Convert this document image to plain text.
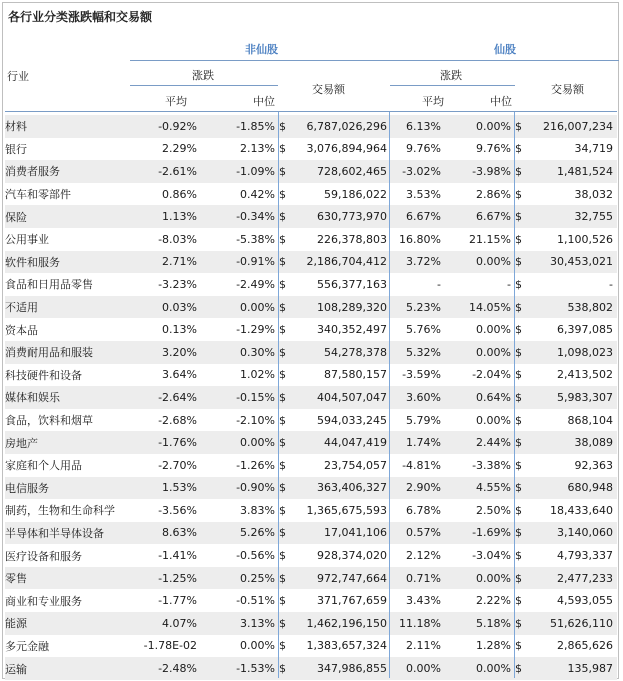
各行业分类涨跌幅和交易额
行业
非仙股	仙股
涨跌	涨跌
交易额	交易额
平均	中位	平均	中位
材料	-0.92%	-1.85%	$	6,787,026,296	6.13%	0.00%	$	216,007,234
银行	2.29%	2.13%	$	3,076,894,964	9.76%	9.76%	$	34,719
消费者服务	-2.61%	-1.09%	$	728,602,465	-3.02%	-3.98%	$	1,481,524
汽车和零部件	0.86%	0.42%	$	59,186,022	3.53%	2.86%	$	38,032
保险	1.13%	-0.34%	$	630,773,970	6.67%	6.67%	$	32,755
公用事业	-8.03%	-5.38%	$	226,378,803	16.80%	21.15%	$	1,100,526
软件和服务	2.71%	-0.91%	$	2,186,704,412	3.72%	0.00%	$	30,453,021
食品和日用品零售	-3.23%	-2.49%	$	556,377,163	-	-	$	-
不适用	0.03%	0.00%	$	108,289,320	5.23%	14.05%	$	538,802
资本品	0.13%	-1.29%	$	340,352,497	5.76%	0.00%	$	6,397,085
消费耐用品和服装	3.20%	0.30%	$	54,278,378	5.32%	0.00%	$	1,098,023
科技硬件和设备	3.64%	1.02%	$	87,580,157	-3.59%	-2.04%	$	2,413,502
媒体和娱乐	-2.64%	-0.15%	$	404,507,047	3.60%	0.64%	$	5,983,307
食品，饮料和烟草	-2.68%	-2.10%	$	594,033,245	5.79%	0.00%	$	868,104
房地产	-1.76%	0.00%	$	44,047,419	1.74%	2.44%	$	38,089
家庭和个人用品	-2.70%	-1.26%	$	23,754,057	-4.81%	-3.38%	$	92,363
电信服务	1.53%	-0.90%	$	363,406,327	2.90%	4.55%	$	680,948
制药，生物和生命科学	-3.56%	3.83%	$	1,365,675,593	6.78%	2.50%	$	18,433,640
半导体和半导体设备	8.63%	5.26%	$	17,041,106	0.57%	-1.69%	$	3,140,060
医疗设备和服务	-1.41%	-0.56%	$	928,374,020	2.12%	-3.04%	$	4,793,337
零售	-1.25%	0.25%	$	972,747,664	0.71%	0.00%	$	2,477,233
商业和专业服务	-1.77%	-0.51%	$	371,767,659	3.43%	2.22%	$	4,593,055
能源	4.07%	3.13%	$	1,462,196,150	11.18%	5.18%	$	51,626,110
多元金融	-1.78E-02	0.00%	$	1,383,657,324	2.11%	1.28%	$	2,865,626
运输	-2.48%	-1.53%	$	347,986,855	0.00%	0.00%	$	135,987
